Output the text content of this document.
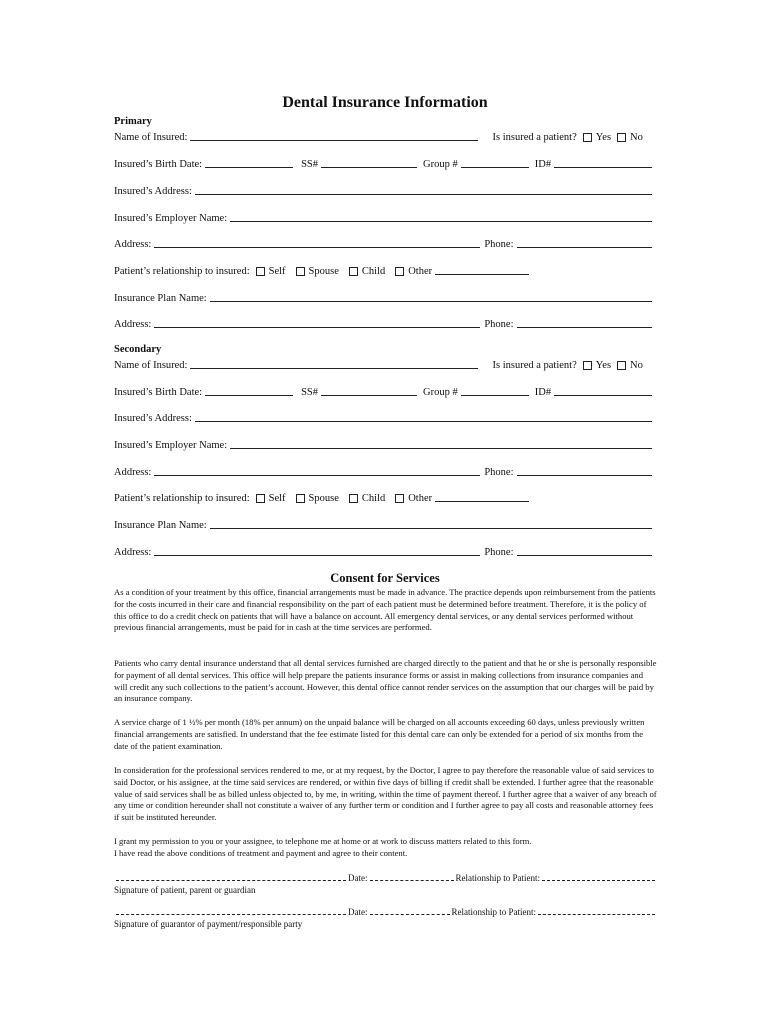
Dental Insurance Information
Primary
Name of Insured:	Is insured a patient? Yes No
Insured’s Birth Date:	SS#	Group #	ID#
Insured’s Address:
Insured’s Employer Name:
Address:	Phone:
Patient’s relationship to insured: Self Spouse Child Other
Insurance Plan Name:
Address:	Phone:
Secondary
Name of Insured:	Is insured a patient? Yes No
Insured’s Birth Date:	SS#	Group #	ID#
Insured’s Address:
Insured’s Employer Name:
Address:	Phone:
Patient’s relationship to insured: Self Spouse Child Other
Insurance Plan Name:
Address:	Phone:
Consent for Services
As a condition of your treatment by this office, financial arrangements must be made in advance. The practice depends upon reimbursement from the patients for the costs incurred in their care and financial responsibility on the part of each patient must be determined before treatment. Therefore, it is the policy of this office to do a credit check on patients that will have a balance on account. All emergency dental services, or any dental services performed without previous financial arrangements, must be paid for in cash at the time services are performed.
Patients who carry dental insurance understand that all dental services furnished are charged directly to the patient and that he or she is personally responsible for payment of all dental services. This office will help prepare the patients insurance forms or assist in making collections from insurance companies and will credit any such collections to the patient’s account. However, this dental office cannot render services on the assumption that our charges will be paid by an insurance company.
A service charge of 1 ½% per month (18% per annum) on the unpaid balance will be charged on all accounts exceeding 60 days, unless previously written financial arrangements are satisfied. In understand that the fee estimate listed for this dental care can only be extended for a period of six months from the date of the patient examination.
In consideration for the professional services rendered to me, or at my request, by the Doctor, I agree to pay therefore the reasonable value of said services to said Doctor, or his assignee, at the time said services are rendered, or within five days of billing if credit shall be extended. I further agree that the reasonable value of said services shall be as billed unless objected to, by me, in writing, within the time of payment thereof. I further agree that a waiver of any breach of any time or condition hereunder shall not constitute a waiver of any further term or condition and I further agree to pay all costs and reasonable attorney fees if suit be instituted hereunder.
I grant my permission to you or your assignee, to telephone me at home or at work to discuss matters related to this form.
I have read the above conditions of treatment and payment and agree to their content.
Date:	Relationship to Patient:
Signature of patient, parent or guardian
Date:	Relationship to Patient:
Signature of guarantor of payment/responsible party
